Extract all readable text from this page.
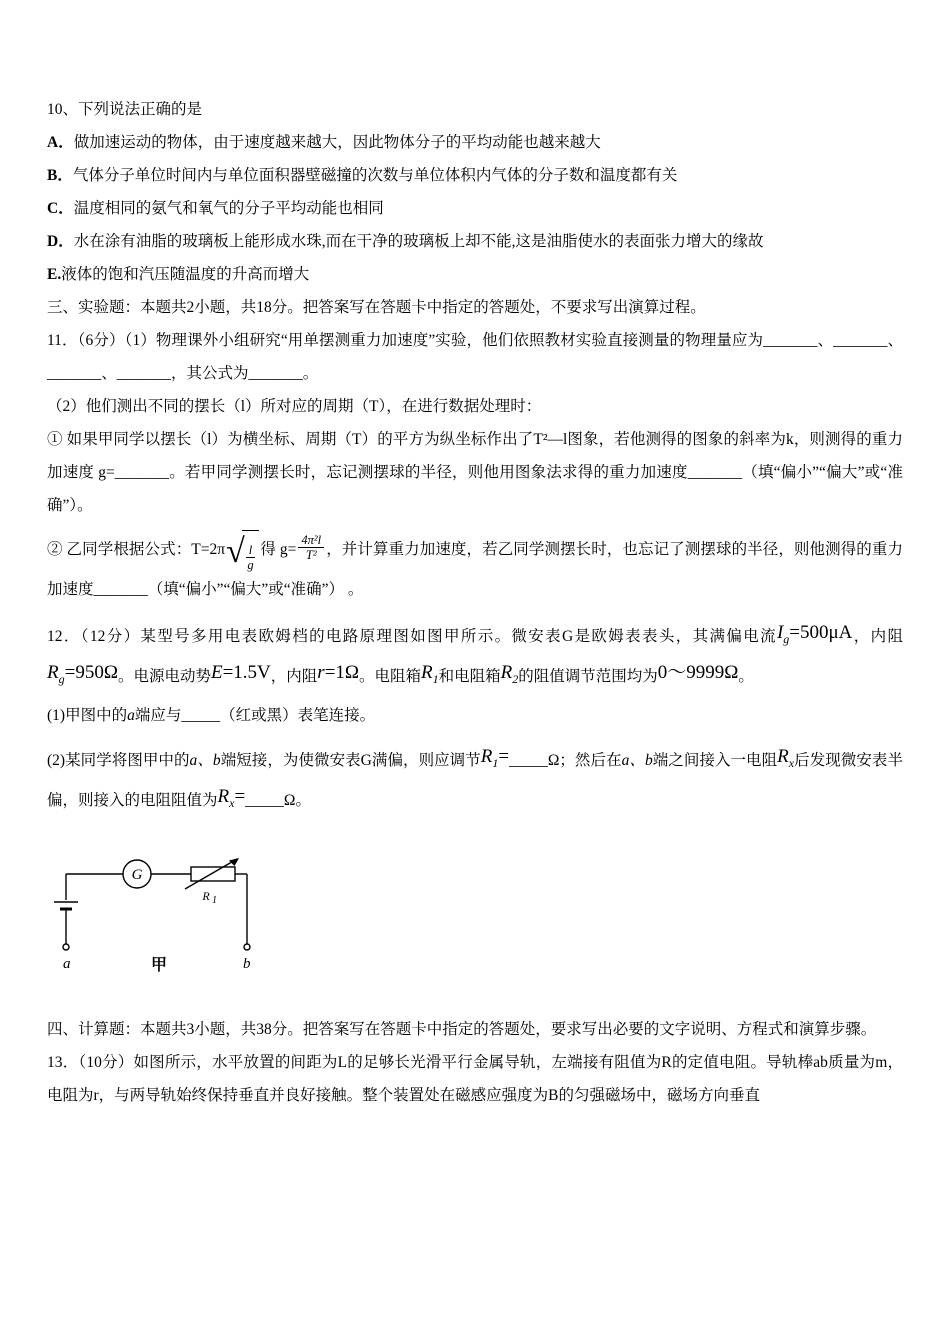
10、下列说法正确的是

A．做加速运动的物体，由于速度越来越大，因此物体分子的平均动能也越来越大

B．气体分子单位时间内与单位面积器壁磁撞的次数与单位体积内气体的分子数和温度都有关

C．温度相同的氨气和氧气的分子平均动能也相同

D．水在涂有油脂的玻璃板上能形成水珠,而在干净的玻璃板上却不能,这是油脂使水的表面张力增大的缘故

E.液体的饱和汽压随温度的升高而增大

三、实验题：本题共2小题，共18分。把答案写在答题卡中指定的答题处，不要求写出演算过程。

11．（6分）（1）物理课外小组研究“用单摆测重力加速度”实验，他们依照教材实验直接测量的物理量应为_______、_______、_______、_______，其公式为_______。

（2）他们测出不同的摆长（l）所对应的周期（T），在进行数据处理时：

① 如果甲同学以摆长（l）为横坐标、周期（T）的平方为纵坐标作出了T²—l图象，若他测得的图象的斜率为k，则测得的重力加速度 g=_______。若甲同学测摆长时，忘记测摆球的半径，则他用图象法求得的重力加速度_______（填“偏小”“偏大”或“准确”）。

② 乙同学根据公式：T=2π √ $\frac{l}{g}$ 得 $g= \frac{\text{4π²l}}{\text{T²}}$ ，并计算重力加速度，若乙同学测摆长时，也忘记了测摆球的半径，则他测得的重力加速度_______（填“偏小”“偏大”或“准确”） 。

12．（12分）某型号多用电表欧姆档的电路原理图如图甲所示。微安表G是欧姆表表头，其满偏电流$I_g=500\mu A$，内阻$R_g=950\Omega$。电源电动势E=1.5V，内阻r=1Ω。电阻箱$R_1$和电阻箱$R_2$的阻值调节范围均为0～9999Ω。

(1)甲图中的a端应与_____（红或黑）表笔连接。

(2)某同学将图甲中的a、b端短接，为使微安表G满偏，则应调节$R_1=\_\_\_\_\_\Omega$；然后在a、b端之间接入一电阻$R_x$后发现微安表半偏，则接入的电阻阻值为$R_x=\_\_\_\_\_\Omega$。

G
R 1
a	b
甲

四、计算题：本题共3小题，共38分。把答案写在答题卡中指定的答题处，要求写出必要的文字说明、方程式和演算步骤。

13．（10分）如图所示，水平放置的间距为L的足够长光滑平行金属导轨，左端接有阻值为R的定值电阻。导轨棒ab质量为m，电阻为r，与两导轨始终保持垂直并良好接触。整个装置处在磁感应强度为B的匀强磁场中，磁场方向垂直
